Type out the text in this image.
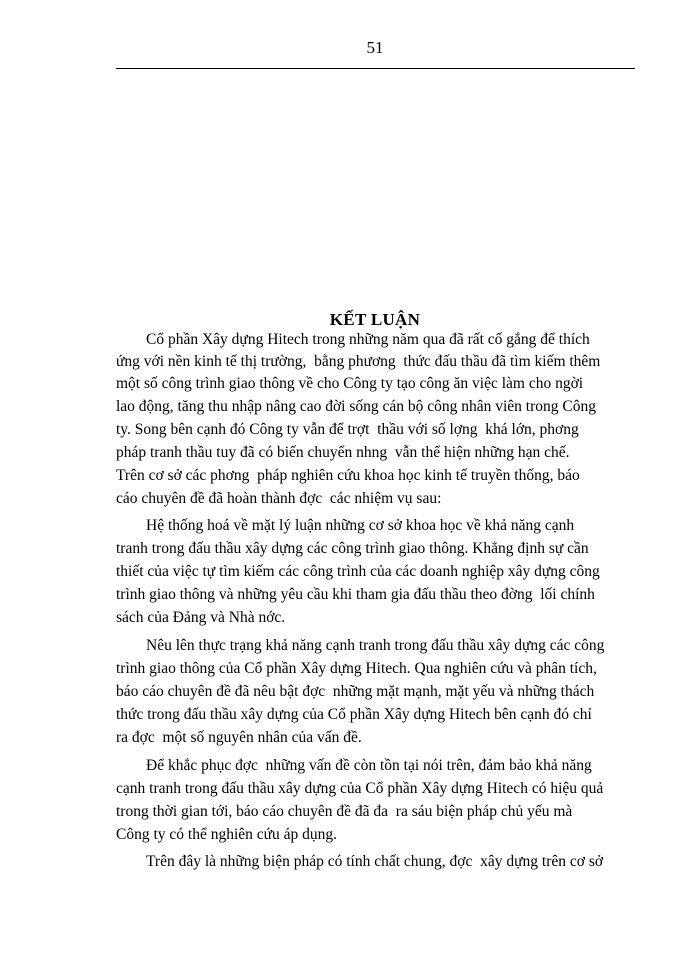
51
KẾT LUẬN
Cổ phần Xây dựng Hitech trong những năm qua đã rất cố gắng để thích
ứng với nền kinh tế thị trường,  bằng phương  thức đấu thầu đã tìm kiếm thêm
một số công trình giao thông về cho Công ty tạo công ăn việc làm cho ngời
lao động, tăng thu nhập nâng cao đời sống cán bộ công nhân viên trong Công
ty. Song bên cạnh đó Công ty vẫn để trợt  thầu với số lợng  khá lớn, phơng
pháp tranh thầu tuy đã có biến chuyển nhng  vẫn thể hiện những hạn chế.
Trên cơ sở các phơng  pháp nghiên cứu khoa học kinh tế truyền thống, báo
cáo chuyên đề đã hoàn thành đợc  các nhiệm vụ sau:
Hệ thống hoá về mặt lý luận những cơ sở khoa học về khả năng cạnh
tranh trong đấu thầu xây dựng các công trình giao thông. Khẳng định sự cần
thiết của việc tự tìm kiếm các công trình của các doanh nghiệp xây dựng công
trình giao thông và những yêu cầu khi tham gia đấu thầu theo đờng  lối chính
sách của Đảng và Nhà nớc.
Nêu lên thực trạng khả năng cạnh tranh trong đấu thầu xây dựng các công
trình giao thông của Cổ phần Xây dựng Hitech. Qua nghiên cứu và phân tích,
báo cáo chuyên đề đã nêu bật đợc  những mặt mạnh, mặt yếu và những thách
thức trong đấu thầu xây dựng của Cổ phần Xây dựng Hitech bên cạnh đó chỉ
ra đợc  một số nguyên nhân của vấn đề.
Để khắc phục đợc  những vấn đề còn tồn tại nói trên, đảm bảo khả năng
cạnh tranh trong đấu thầu xây dựng của Cổ phần Xây dựng Hitech có hiệu quả
trong thời gian tới, báo cáo chuyên đề đã đa  ra sáu biện pháp chủ yếu mà
Công ty có thể nghiên cứu áp dụng.
Trên đây là những biện pháp có tính chất chung, đợc  xây dựng trên cơ sở
